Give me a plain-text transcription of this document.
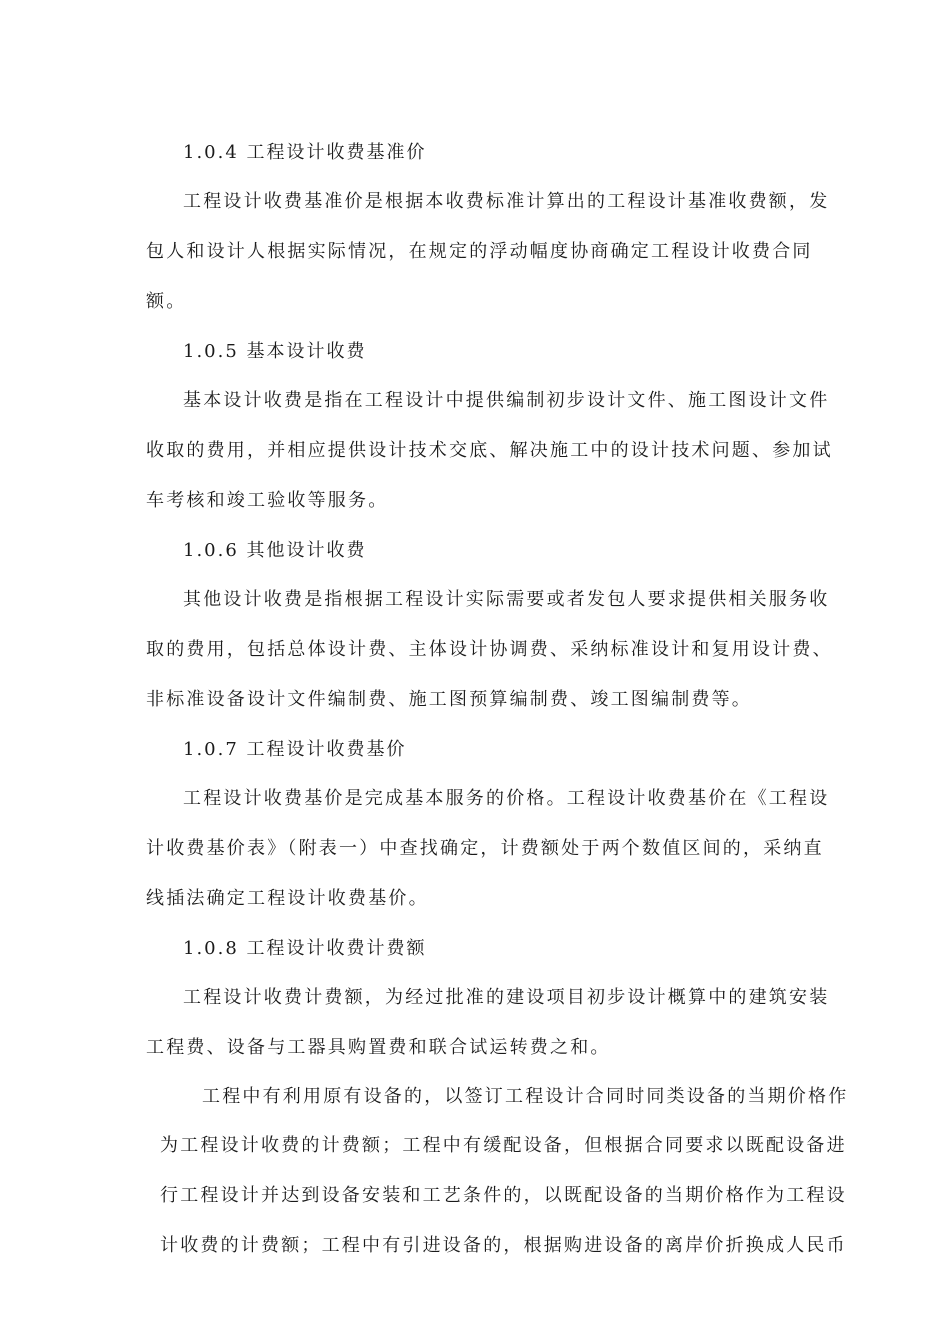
1.0.4 工程设计收费基准价
工程设计收费基准价是根据本收费标准计算出的工程设计基准收费额，发
包人和设计人根据实际情况，在规定的浮动幅度协商确定工程设计收费合同
额。
1.0.5 基本设计收费
基本设计收费是指在工程设计中提供编制初步设计文件、施工图设计文件
收取的费用，并相应提供设计技术交底、解决施工中的设计技术问题、参加试
车考核和竣工验收等服务。
1.0.6 其他设计收费
其他设计收费是指根据工程设计实际需要或者发包人要求提供相关服务收
取的费用，包括总体设计费、主体设计协调费、采纳标准设计和复用设计费、
非标准设备设计文件编制费、施工图预算编制费、竣工图编制费等。
1.0.7 工程设计收费基价
工程设计收费基价是完成基本服务的价格。工程设计收费基价在《工程设
计收费基价表》（附表一）中查找确定，计费额处于两个数值区间的，采纳直
线插法确定工程设计收费基价。
1.0.8 工程设计收费计费额
工程设计收费计费额，为经过批准的建设项目初步设计概算中的建筑安装
工程费、设备与工器具购置费和联合试运转费之和。
工程中有利用原有设备的，以签订工程设计合同时同类设备的当期价格作
为工程设计收费的计费额；工程中有缓配设备，但根据合同要求以既配设备进
行工程设计并达到设备安装和工艺条件的，以既配设备的当期价格作为工程设
计收费的计费额；工程中有引进设备的，根据购进设备的离岸价折换成人民币
